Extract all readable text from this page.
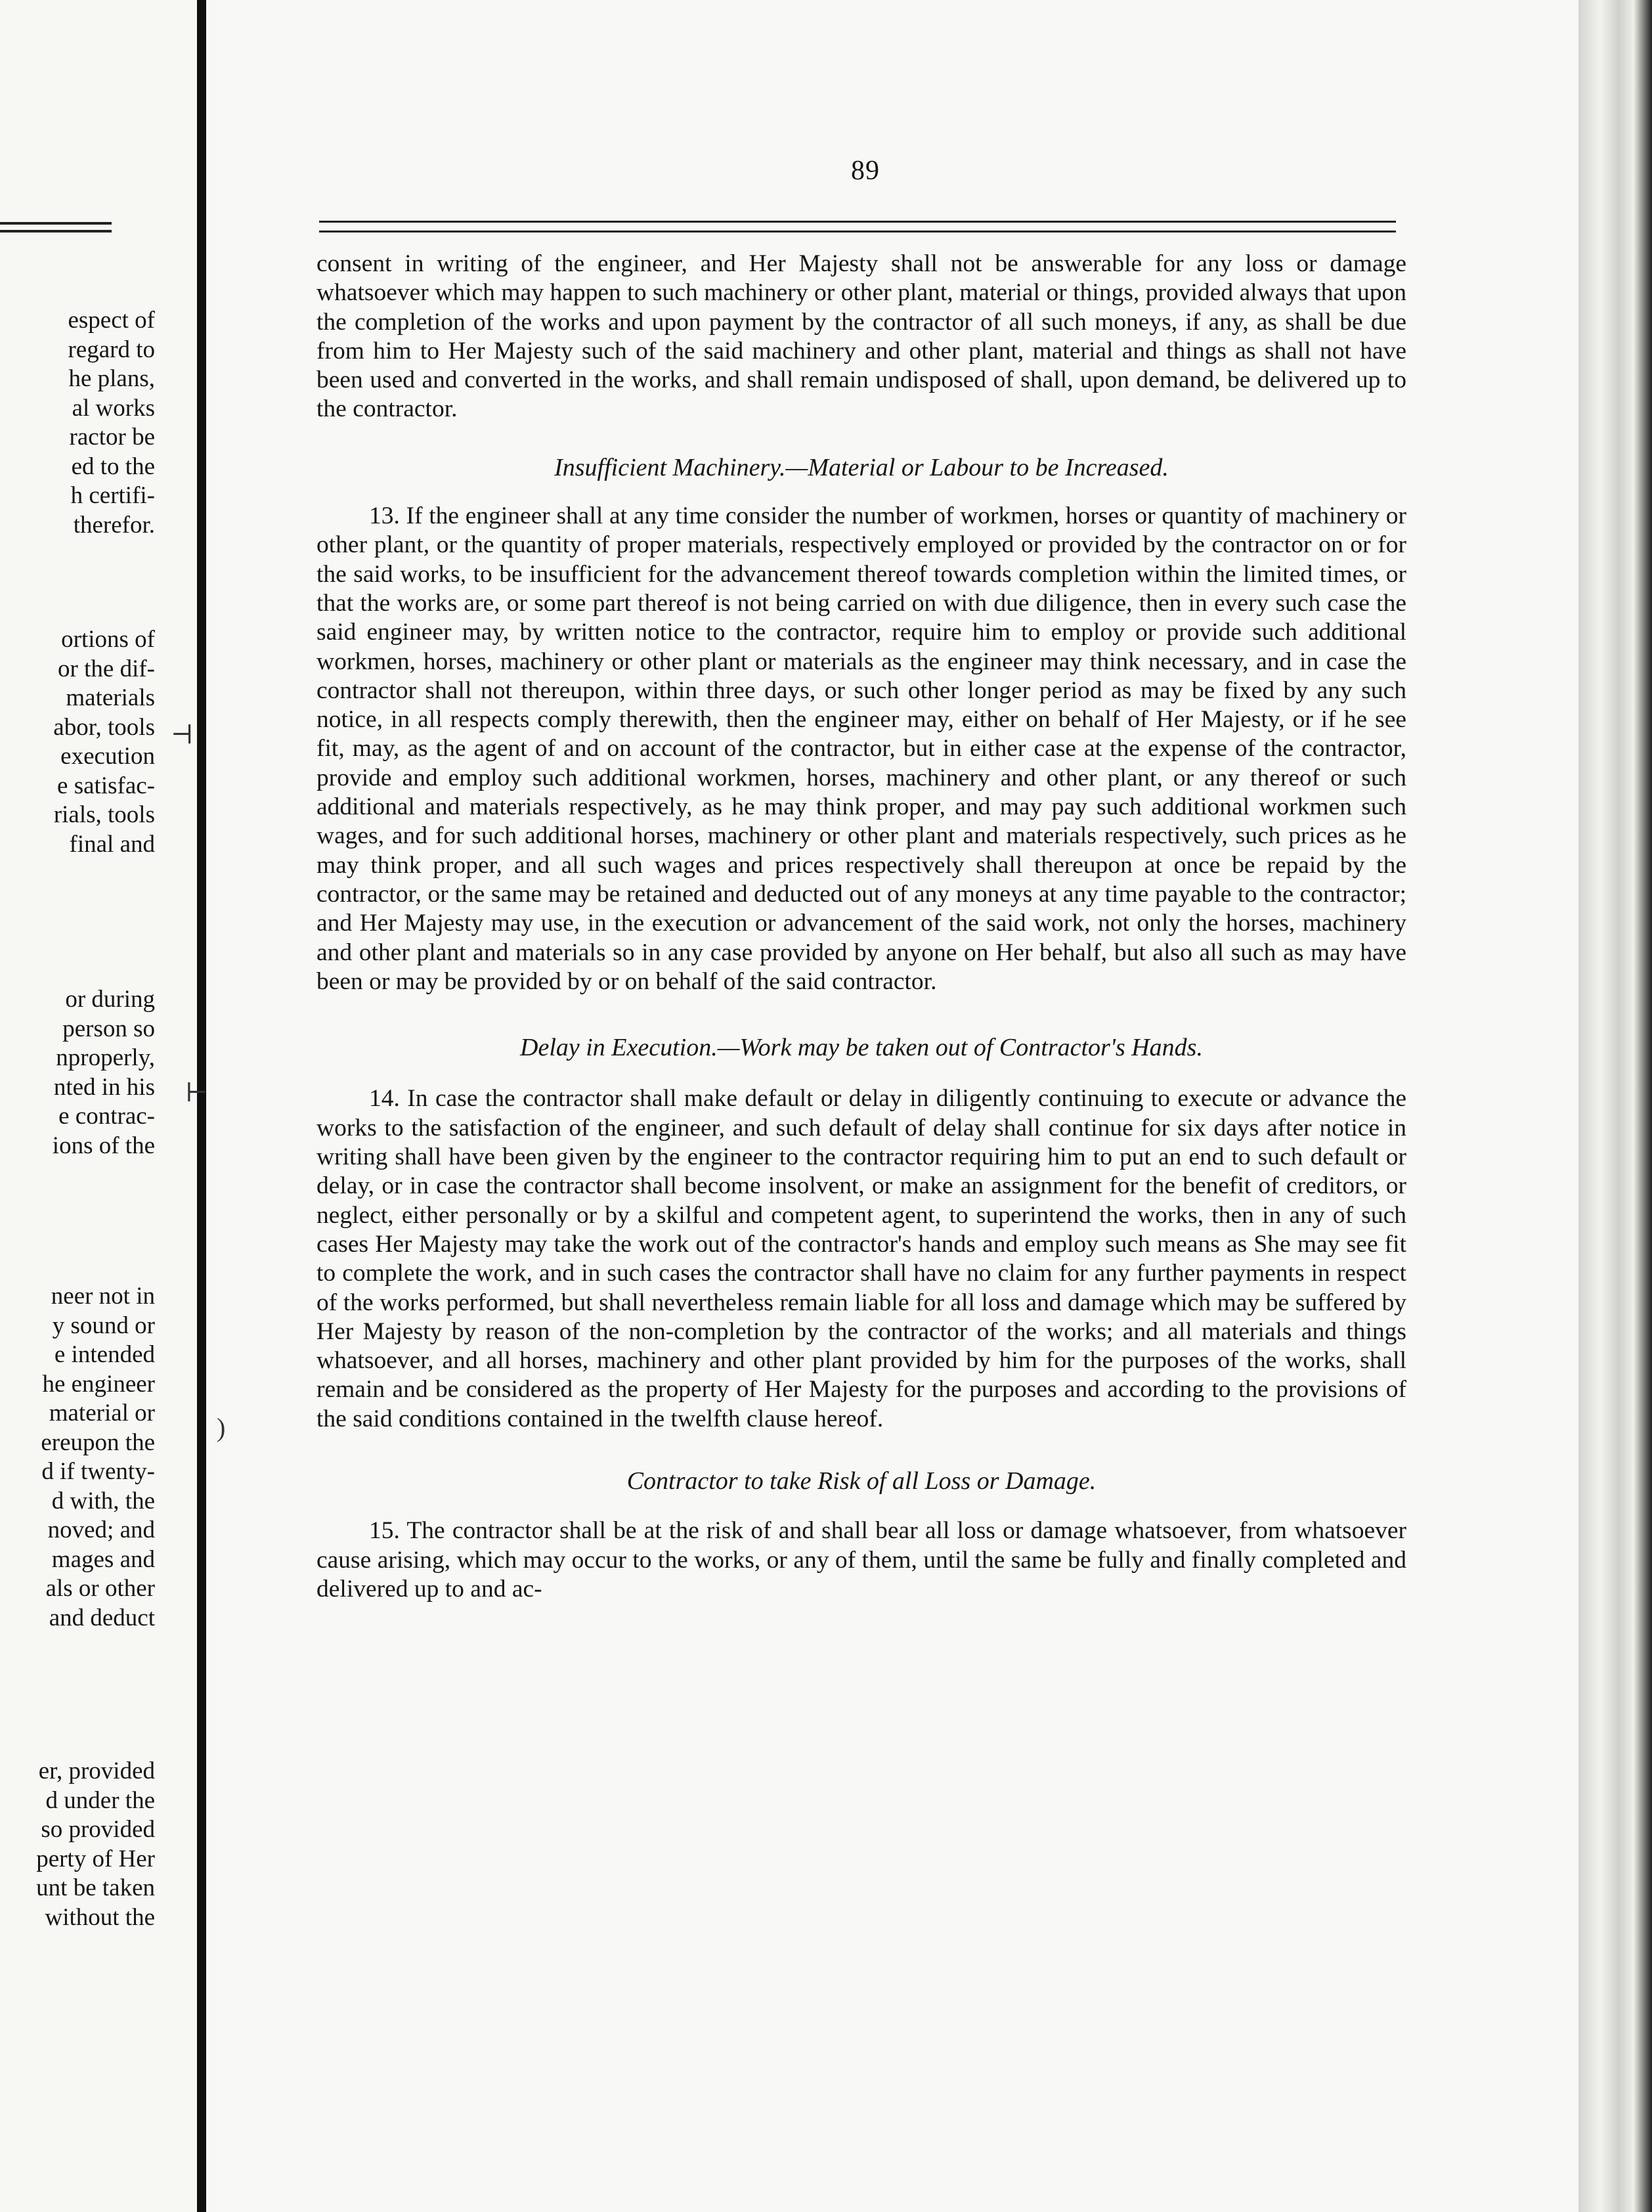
espect of
regard to
he plans,
al works
ractor be
ed to the
h certifi-
therefor.
ortions of
or the dif-
materials
abor, tools
execution
e satisfac-
rials, tools
final and
or during
person so
nproperly,
nted in his
e contrac-
ions of the
neer not in
y sound or
e intended
he engineer
material or
ereupon the
d if twenty-
d with, the
noved; and
mages and
als or other
and deduct
er, provided
d under the
so provided
perty of Her
unt be taken
without the
⊣
⊢
)
89

consent in writing of the engineer, and Her Majesty shall not be answerable for any loss or damage whatsoever which may happen to such machinery or other plant, material or things, provided always that upon the completion of the works and upon payment by the contractor of all such moneys, if any, as shall be due from him to Her Majesty such of the said machinery and other plant, material and things as shall not have been used and converted in the works, and shall remain undisposed of shall, upon demand, be delivered up to the contractor.

Insufficient Machinery.—Material or Labour to be Increased.

13. If the engineer shall at any time consider the number of workmen, horses or quantity of machinery or other plant, or the quantity of proper materials, respectively employed or provided by the contractor on or for the said works, to be insufficient for the advancement thereof towards completion within the limited times, or that the works are, or some part thereof is not being carried on with due diligence, then in every such case the said engineer may, by written notice to the contractor, require him to employ or provide such additional workmen, horses, machinery or other plant or materials as the engineer may think necessary, and in case the contractor shall not thereupon, within three days, or such other longer period as may be fixed by any such notice, in all respects comply therewith, then the engineer may, either on behalf of Her Majesty, or if he see fit, may, as the agent of and on account of the contractor, but in either case at the expense of the contractor, provide and employ such additional workmen, horses, machinery and other plant, or any thereof or such additional and materials respectively, as he may think proper, and may pay such additional workmen such wages, and for such additional horses, machinery or other plant and materials respectively, such prices as he may think proper, and all such wages and prices respectively shall thereupon at once be repaid by the contractor, or the same may be retained and deducted out of any moneys at any time payable to the contractor; and Her Majesty may use, in the execution or advancement of the said work, not only the horses, machinery and other plant and materials so in any case provided by anyone on Her behalf, but also all such as may have been or may be provided by or on behalf of the said contractor.

Delay in Execution.—Work may be taken out of Contractor's Hands.

14. In case the contractor shall make default or delay in diligently continuing to execute or advance the works to the satisfaction of the engineer, and such default of delay shall continue for six days after notice in writing shall have been given by the engineer to the contractor requiring him to put an end to such default or delay, or in case the contractor shall become insolvent, or make an assignment for the benefit of creditors, or neglect, either personally or by a skilful and competent agent, to superintend the works, then in any of such cases Her Majesty may take the work out of the contractor's hands and employ such means as She may see fit to complete the work, and in such cases the contractor shall have no claim for any further payments in respect of the works performed, but shall nevertheless remain liable for all loss and damage which may be suffered by Her Majesty by reason of the non-completion by the contractor of the works; and all materials and things whatsoever, and all horses, machinery and other plant provided by him for the purposes of the works, shall remain and be considered as the property of Her Majesty for the purposes and according to the provisions of the said conditions contained in the twelfth clause hereof.

Contractor to take Risk of all Loss or Damage.

15. The contractor shall be at the risk of and shall bear all loss or damage whatsoever, from whatsoever cause arising, which may occur to the works, or any of them, until the same be fully and finally completed and delivered up to and ac-
